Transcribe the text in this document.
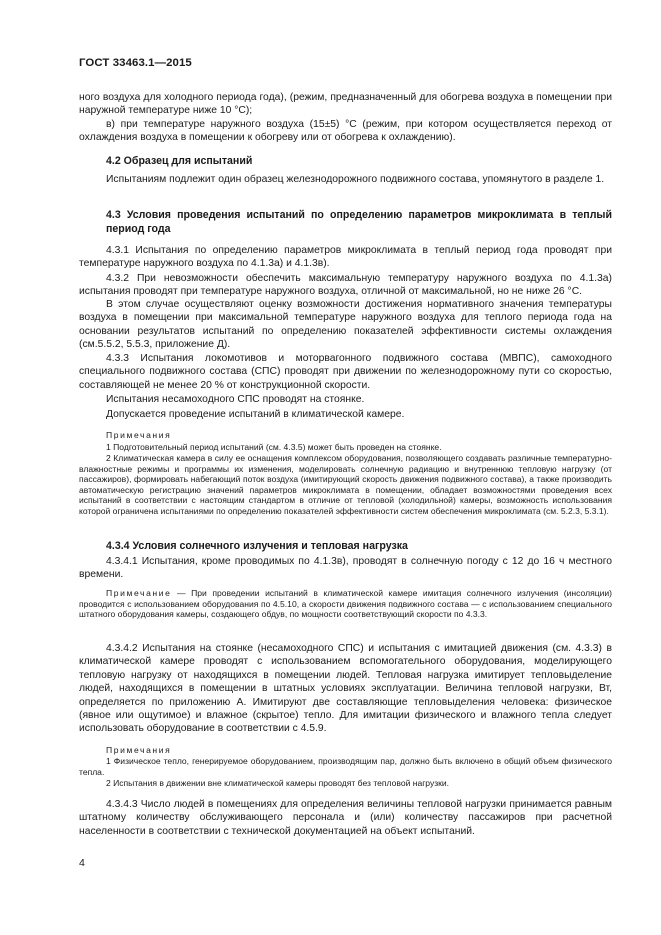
ГОСТ 33463.1—2015

ного воздуха для холодного периода года), (режим, предназначенный для обогрева воздуха в помещении при наружной температуре ниже 10 °С);

в) при температуре наружного воздуха (15±5) °С (режим, при котором осуществляется переход от охлаждения воздуха в помещении к обогреву или от обогрева к охлаждению).

4.2 Образец для испытаний

Испытаниям подлежит один образец железнодорожного подвижного состава, упомянутого в разделе 1.

4.3 Условия проведения испытаний по определению параметров микроклимата в теплый период года

4.3.1 Испытания по определению параметров микроклимата в теплый период года проводят при температуре наружного воздуха по 4.1.3а) и 4.1.3в).

4.3.2 При невозможности обеспечить максимальную температуру наружного воздуха по 4.1.3а) испытания проводят при температуре наружного воздуха, отличной от максимальной, но не ниже 26 °С.

В этом случае осуществляют оценку возможности достижения нормативного значения температуры воздуха в помещении при максимальной температуре наружного воздуха для теплого периода года на основании результатов испытаний по определению показателей эффективности системы охлаждения (см.5.5.2, 5.5.3, приложение Д).

4.3.3 Испытания локомотивов и моторвагонного подвижного состава (МВПС), самоходного специального подвижного состава (СПС) проводят при движении по железнодорожному пути со скоростью, составляющей не менее 20 % от конструкционной скорости.

Испытания несамоходного СПС проводят на стоянке.

Допускается проведение испытаний в климатической камере.

Примечания

1 Подготовительный период испытаний (см. 4.3.5) может быть проведен на стоянке.

2 Климатическая камера в силу ее оснащения комплексом оборудования, позволяющего создавать различные температурно-влажностные режимы и программы их изменения, моделировать солнечную радиацию и внутреннюю тепловую нагрузку (от пассажиров), формировать набегающий поток воздуха (имитирующий скорость движения подвижного состава), а также производить автоматическую регистрацию значений параметров микроклимата в помещении, обладает возможностями проведения всех испытаний в соответствии с настоящим стандартом в отличие от тепловой (холодильной) камеры, возможность использования которой ограничена испытаниями по определению показателей эффективности систем обеспечения микроклимата (см. 5.2.3, 5.3.1).

4.3.4 Условия солнечного излучения и тепловая нагрузка

4.3.4.1 Испытания, кроме проводимых по 4.1.3в), проводят в солнечную погоду с 12 до 16 ч местного времени.

Примечание — При проведении испытаний в климатической камере имитация солнечного излучения (инсоляции) проводится с использованием оборудования по 4.5.10, а скорости движения подвижного состава — с использованием специального штатного оборудования камеры, создающего обдув, по мощности соответствующий скорости по 4.3.3.

4.3.4.2 Испытания на стоянке (несамоходного СПС) и испытания с имитацией движения (см. 4.3.3) в климатической камере проводят с использованием вспомогательного оборудования, моделирующего тепловую нагрузку от находящихся в помещении людей. Тепловая нагрузка имитирует тепловыделение людей, находящихся в помещении в штатных условиях эксплуатации. Величина тепловой нагрузки, Вт, определяется по приложению А. Имитируют две составляющие тепловыделения человека: физическое (явное или ощутимое) и влажное (скрытое) тепло. Для имитации физического и влажного тепла следует использовать оборудование в соответствии с 4.5.9.

Примечания

1 Физическое тепло, генерируемое оборудованием, производящим пар, должно быть включено в общий объем физического тепла.

2 Испытания в движении вне климатической камеры проводят без тепловой нагрузки.

4.3.4.3 Число людей в помещениях для определения величины тепловой нагрузки принимается равным штатному количеству обслуживающего персонала и (или) количеству пассажиров при расчетной населенности в соответствии с технической документацией на объект испытаний.

4
